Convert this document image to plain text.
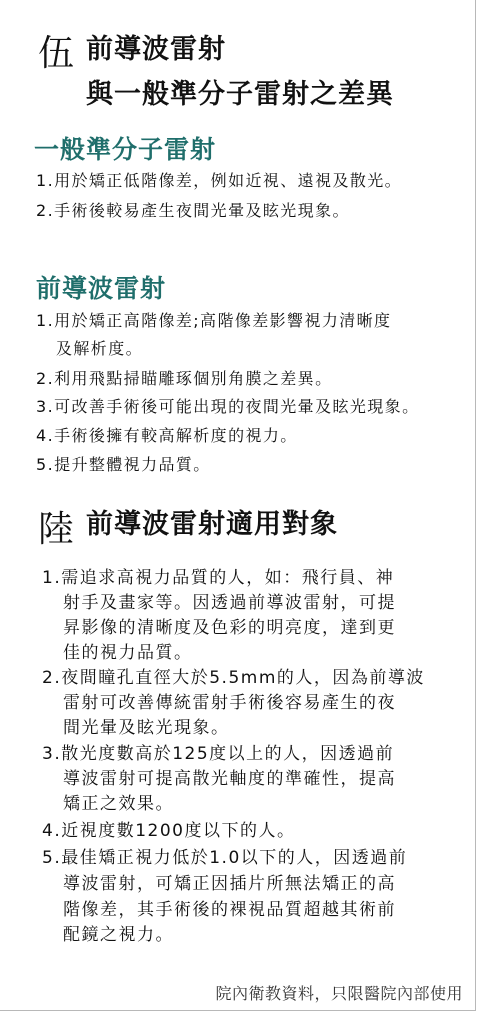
伍 前導波雷射
與一般準分子雷射之差異
一般準分子雷射
1.用於矯正低階像差，例如近視、遠視及散光。
2.手術後較易產生夜間光暈及眩光現象。
前導波雷射
1.用於矯正高階像差;高階像差影響視力清晰度
及解析度。
2.利用飛點掃瞄雕琢個別角膜之差異。
3.可改善手術後可能出現的夜間光暈及眩光現象。
4.手術後擁有較高解析度的視力。
5.提升整體視力品質。
陸 前導波雷射適用對象
1.需追求高視力品質的人，如：飛行員、神
射手及畫家等。因透過前導波雷射，可提
昇影像的清晰度及色彩的明亮度，達到更
佳的視力品質。
2.夜間瞳孔直徑大於5.5mm的人，因為前導波
雷射可改善傳統雷射手術後容易產生的夜
間光暈及眩光現象。
3.散光度數高於125度以上的人，因透過前
導波雷射可提高散光軸度的準確性，提高
矯正之效果。
4.近視度數1200度以下的人。
5.最佳矯正視力低於1.0以下的人，因透過前
導波雷射，可矯正因插片所無法矯正的高
階像差，其手術後的裸視品質超越其術前
配鏡之視力。
院內衛教資料，只限醫院內部使用
